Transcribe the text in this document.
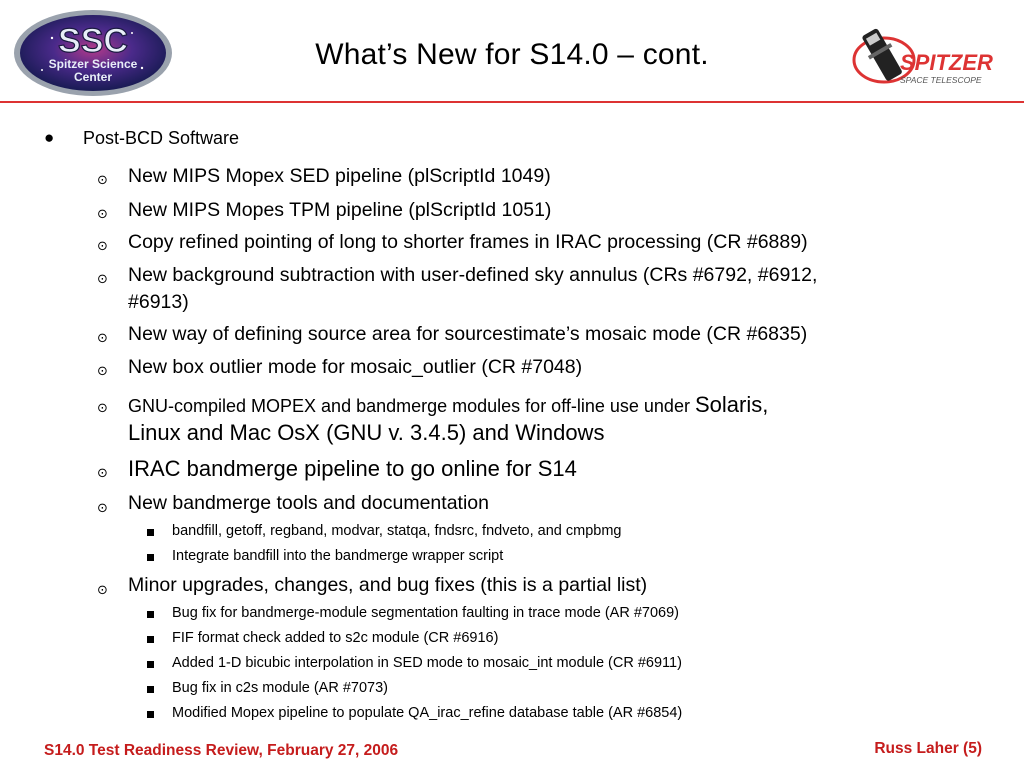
SSC
Spitzer Science
Center
What’s New for S14.0 – cont.	SPITZER
SPACE TELESCOPE
● Post-BCD Software
⊙ New MIPS Mopex SED pipeline (plScriptId 1049)
⊙ New MIPS Mopes TPM pipeline (plScriptId 1051)
⊙ Copy refined pointing of long to shorter frames in IRAC processing (CR #6889)
⊙ New background subtraction with user-defined sky annulus (CRs #6792, #6912,
#6913)
⊙ New way of defining source area for sourcestimate’s mosaic mode (CR #6835)
⊙ New box outlier mode for mosaic_outlier (CR #7048)
⊙ GNU-compiled MOPEX and bandmerge modules for off-line use under Solaris,
Linux and Mac OsX (GNU v. 3.4.5) and Windows
⊙ IRAC bandmerge pipeline to go online for S14
⊙ New bandmerge tools and documentation
bandfill, getoff, regband, modvar, statqa, fndsrc, fndveto, and cmpbmg
Integrate bandfill into the bandmerge wrapper script
⊙ Minor upgrades, changes, and bug fixes (this is a partial list)
Bug fix for bandmerge-module segmentation faulting in trace mode (AR #7069)
FIF format check added to s2c module (CR #6916)
Added 1-D bicubic interpolation in SED mode to mosaic_int module (CR #6911)
Bug fix in c2s module (AR #7073)
Modified Mopex pipeline to populate QA_irac_refine database table (AR #6854)
S14.0 Test Readiness Review, February 27, 2006	Russ Laher (5)
